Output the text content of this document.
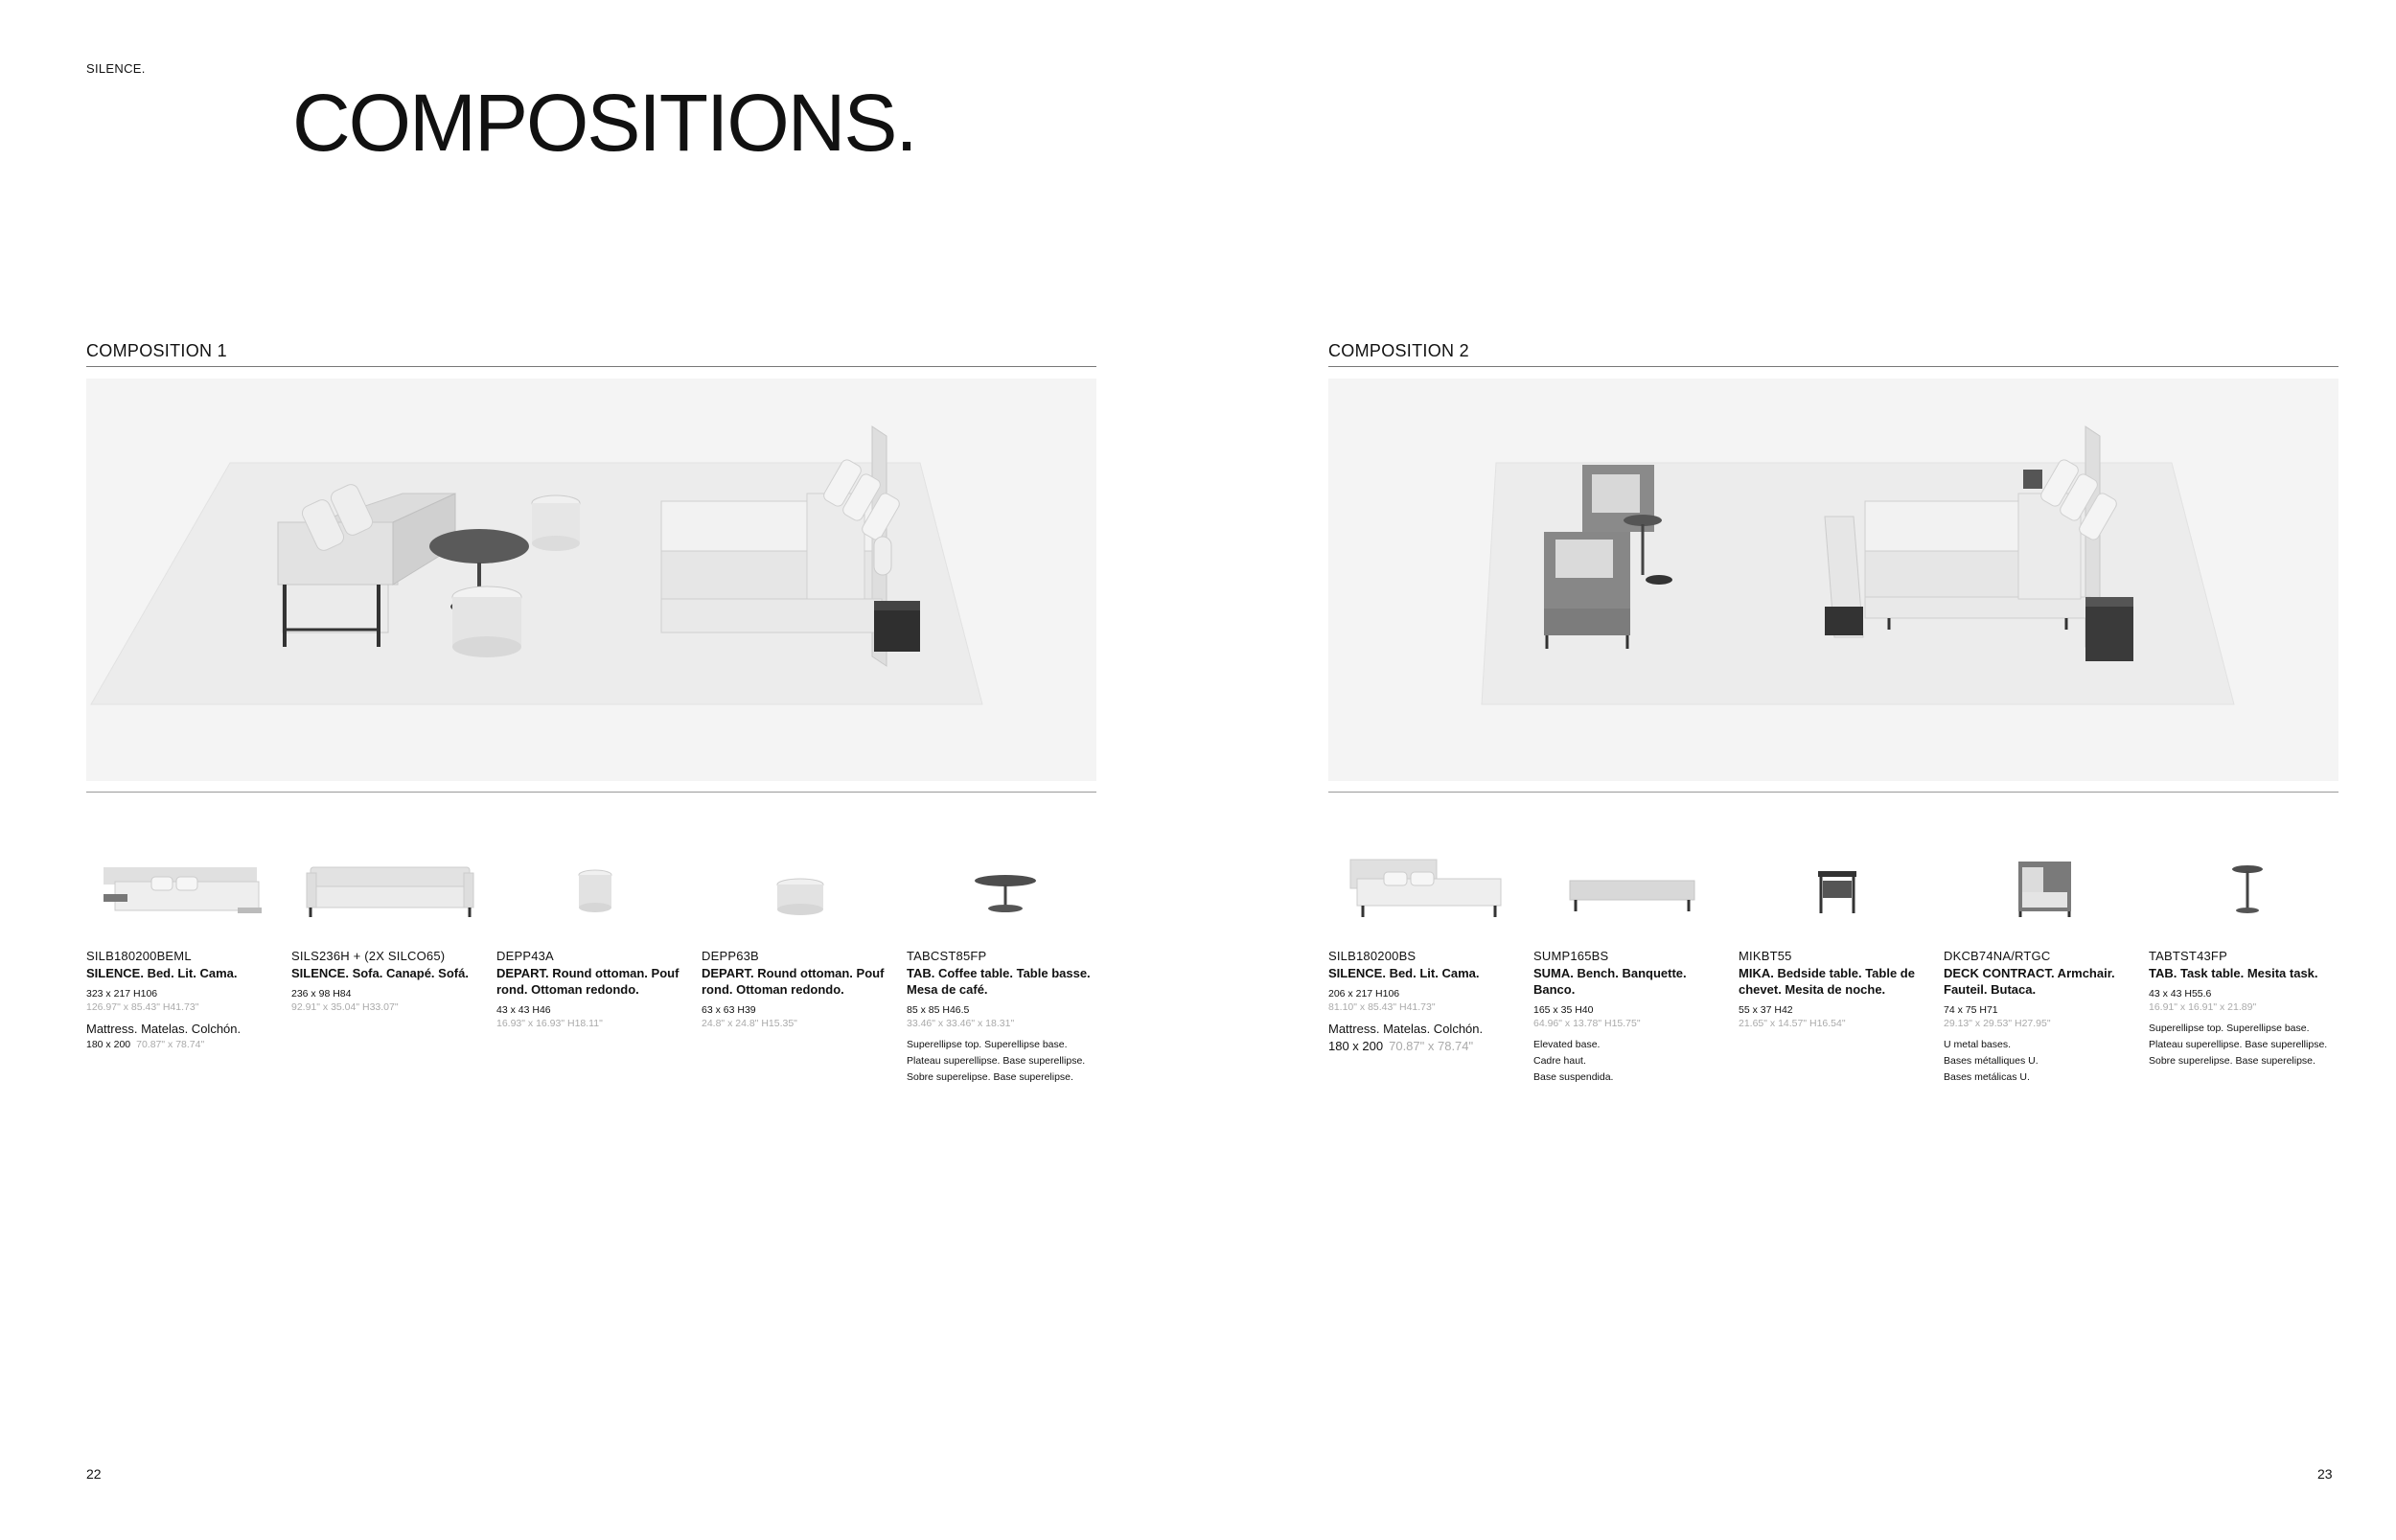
SILENCE.
COMPOSITIONS.
COMPOSITION 1
SILB180200BEML
SILENCE. Bed. Lit. Cama.
323 x 217 H106
126.97" x 85.43" H41.73"
Mattress. Matelas. Colchón.
180 x 200 70.87" x 78.74"
SILS236H + (2X SILCO65)
SILENCE. Sofa. Canapé. Sofá.
236 x 98 H84
92.91" x 35.04" H33.07"
DEPP43A
DEPART. Round ottoman. Pouf rond. Ottoman redondo.
43 x 43 H46
16.93" x 16.93" H18.11"
DEPP63B
DEPART. Round ottoman. Pouf rond. Ottoman redondo.
63 x 63 H39
24.8" x 24.8" H15.35"
TABCST85FP
TAB. Coffee table. Table basse. Mesa de café.
85 x 85 H46.5
33.46" x 33.46" x 18.31"
Superellipse top. Superellipse base.
Plateau superellipse. Base superellipse.
Sobre superelipse. Base superelipse.
COMPOSITION 2
SILB180200BS
SILENCE. Bed. Lit. Cama.
206 x 217 H106
81.10" x 85.43" H41.73"
Mattress. Matelas. Colchón.
180 x 200 70.87" x 78.74"
SUMP165BS
SUMA. Bench. Banquette. Banco.
165 x 35 H40
64.96" x 13.78" H15.75"
Elevated base.
Cadre haut.
Base suspendida.
MIKBT55
MIKA. Bedside table. Table de chevet. Mesita de noche.
55 x 37 H42
21.65" x 14.57" H16.54"
DKCB74NA/RTGC
DECK CONTRACT. Armchair. Fauteil. Butaca.
74 x 75 H71
29.13" x 29.53" H27.95"
U metal bases.
Bases métalliques U.
Bases metálicas U.
TABTST43FP
TAB. Task table. Mesita task.
43 x 43 H55.6
16.91" x 16.91" x 21.89"
Superellipse top. Superellipse base.
Plateau superellipse. Base superellipse.
Sobre superelipse. Base superelipse.
22	23
